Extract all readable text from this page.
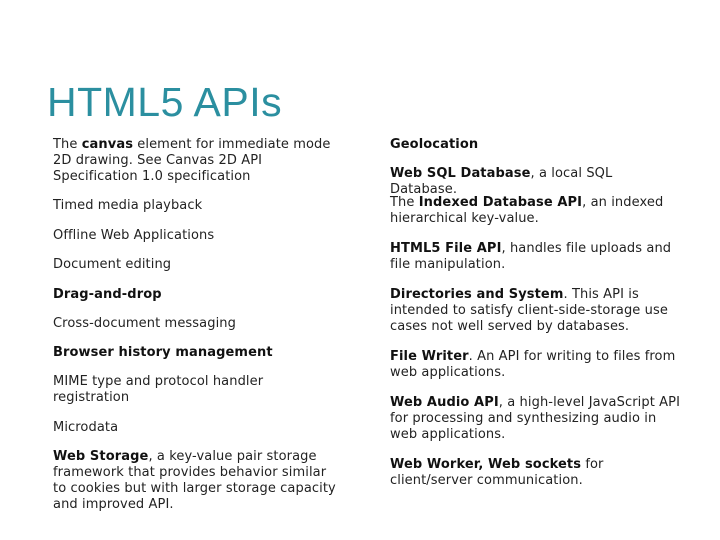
HTML5 APIs
The canvas element for immediate mode 2D drawing. See Canvas 2D API Specification 1.0 specification
Timed media playback
Offline Web Applications
Document editing
Drag-and-drop
Cross-document messaging
Browser history management
MIME type and protocol handler registration
Microdata
Web Storage, a key-value pair storage framework that provides behavior similar to cookies but with larger storage capacity and improved API.
Geolocation
Web SQL Database, a local SQL Database.
The Indexed Database API, an indexed hierarchical key-value.
HTML5 File API, handles file uploads and file manipulation.
Directories and System. This API is intended to satisfy client-side-storage use cases not well served by databases.
File Writer. An API for writing to files from web applications.
Web Audio API, a high-level JavaScript API for processing and synthesizing audio in web applications.
Web Worker, Web sockets for client/server communication.
